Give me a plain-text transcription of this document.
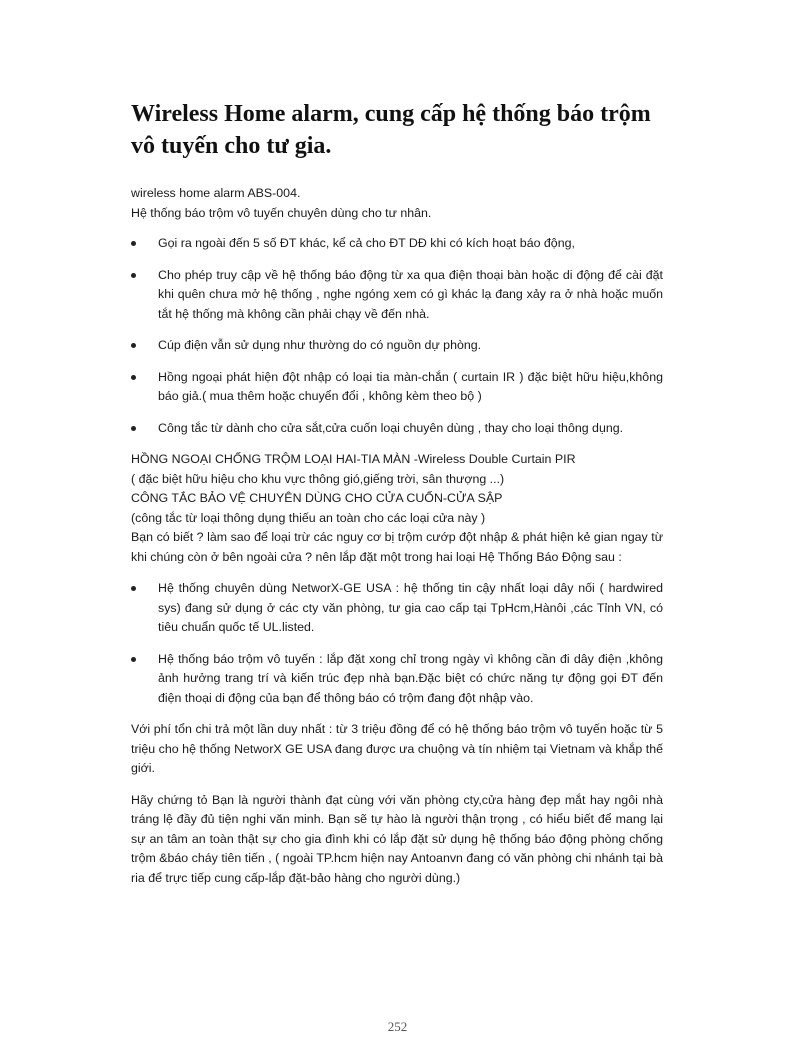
Wireless Home alarm, cung cấp hệ thống báo trộm vô tuyến cho tư gia.
wireless home alarm ABS-004.
Hệ thống báo trộm vô tuyến chuyên dùng cho tư nhân.
Gọi ra ngoài đến 5 số ĐT khác, kể cả cho ĐT DĐ khi có kích hoạt báo động,
Cho phép truy cập về hệ thống báo động từ xa qua điện thoại bàn hoặc di động để cài đặt khi quên chưa mở hệ thống , nghe ngóng xem có gì khác lạ đang xảy ra ở nhà hoặc muốn tắt hệ thống mà không cần phải chạy về đến nhà.
Cúp điện vẫn sử dụng như thường do có nguồn dự phòng.
Hồng ngoại phát hiện đột nhập có loại tia màn-chắn ( curtain IR ) đặc biệt hữu hiệu,không báo giả.( mua thêm hoặc chuyển đổi , không kèm theo bộ )
Công tắc từ dành cho cửa sắt,cửa cuốn loại chuyên dùng , thay cho loại thông dụng.
HỒNG NGOẠI CHỐNG TRỘM LOẠI HAI-TIA MÀN -Wireless Double Curtain PIR
( đặc biệt hữu hiệu cho khu vực thông gió,giếng trời, sân thượng ...)
CÔNG TẮC BẢO VỆ CHUYÊN DÙNG CHO CỬA CUỐN-CỬA SẬP
(công tắc từ loại thông dụng thiếu an toàn cho các loại cửa này )
Bạn có biết ? làm sao để loại trừ các nguy cơ bị trộm cướp đột nhập & phát hiện kẻ gian ngay từ khi chúng còn ở bên ngoài cửa ? nên lắp đặt một trong hai loại Hệ Thống Báo Động sau :
Hệ thống chuyên dùng NetworX-GE USA : hệ thống tin cậy nhất loại dây nối ( hardwired sys) đang sử dụng ở các cty văn phòng, tư gia cao cấp tại TpHcm,Hànôi ,các Tỉnh VN, có tiêu chuẩn quốc tế UL.listed.
Hệ thống báo trộm vô tuyến : lắp đặt xong chỉ trong ngày vì không cần đi dây điện ,không ảnh hưởng trang trí và kiến trúc đẹp nhà bạn.Đặc biệt có chức năng tự động gọi ĐT đến điện thoại di động của bạn để thông báo có trộm đang đột nhập vào.

Với phí tổn chi trả một lần duy nhất : từ 3 triệu đồng để có hệ thống báo trộm vô tuyến hoặc từ 5 triệu cho hệ thống NetworX GE USA đang được ưa chuộng và tín nhiệm tại Vietnam và khắp thế giới.

Hãy chứng tỏ Bạn là người thành đạt cùng với văn phòng cty,cửa hàng đẹp mắt hay ngôi nhà tráng lệ đầy đủ tiện nghi văn minh. Bạn sẽ tự hào là người thận trọng , có hiểu biết để mang lại sự an tâm an toàn thật sự cho gia đình khi có lắp đặt sử dụng hệ thống báo động phòng chống trộm &báo cháy tiên tiến , ( ngoài TP.hcm hiện nay Antoanvn đang có văn phòng chi nhánh tại bà ria để trực tiếp cung cấp-lắp đặt-bảo hàng cho người dùng.)

252
